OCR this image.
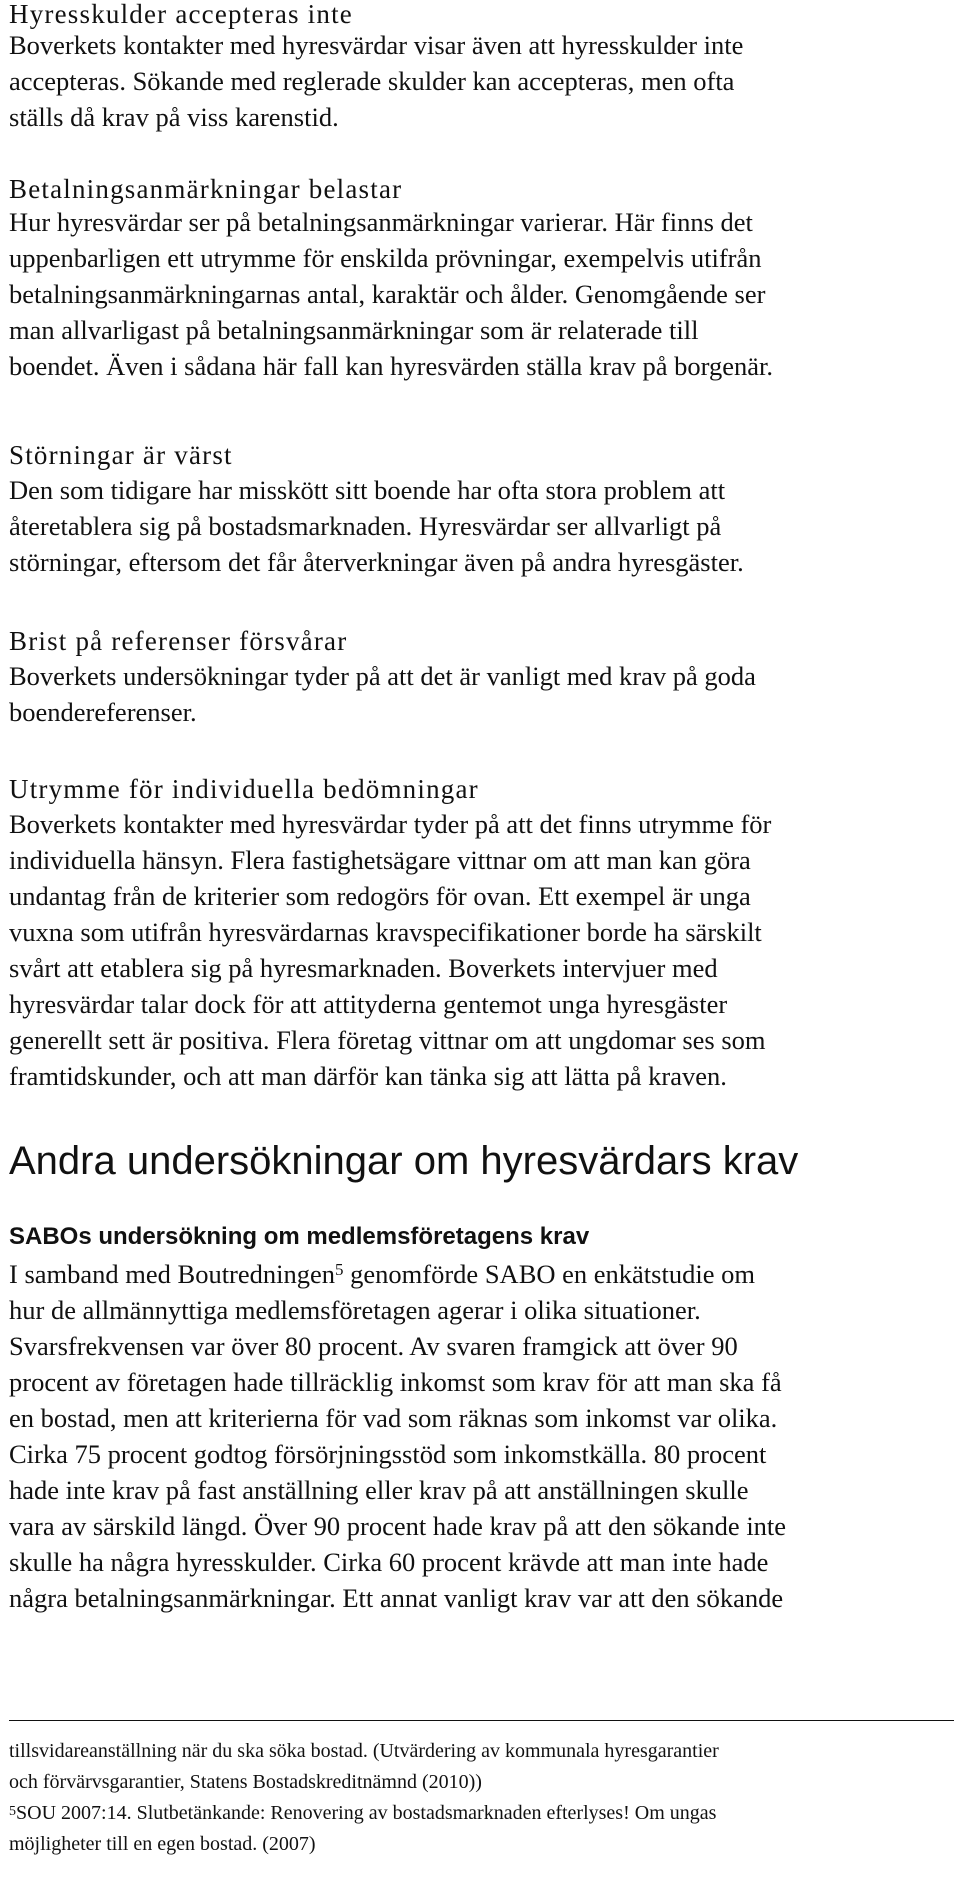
Hyresskulder accepteras inte
Boverkets kontakter med hyresvärdar visar även att hyresskulder inte
accepteras. Sökande med reglerade skulder kan accepteras, men ofta
ställs då krav på viss karenstid.
Betalningsanmärkningar belastar
Hur hyresvärdar ser på betalningsanmärkningar varierar. Här finns det
uppenbarligen ett utrymme för enskilda prövningar, exempelvis utifrån
betalningsanmärkningarnas antal, karaktär och ålder. Genomgående ser
man allvarligast på betalningsanmärkningar som är relaterade till
boendet. Även i sådana här fall kan hyresvärden ställa krav på borgenär.
Störningar är värst
Den som tidigare har misskött sitt boende har ofta stora problem att
återetablera sig på bostadsmarknaden. Hyresvärdar ser allvarligt på
störningar, eftersom det får återverkningar även på andra hyresgäster.
Brist på referenser försvårar
Boverkets undersökningar tyder på att det är vanligt med krav på goda
boendereferenser.
Utrymme för individuella bedömningar
Boverkets kontakter med hyresvärdar tyder på att det finns utrymme för
individuella hänsyn. Flera fastighetsägare vittnar om att man kan göra
undantag från de kriterier som redogörs för ovan. Ett exempel är unga
vuxna som utifrån hyresvärdarnas kravspecifikationer borde ha särskilt
svårt att etablera sig på hyresmarknaden. Boverkets intervjuer med
hyresvärdar talar dock för att attityderna gentemot unga hyresgäster
generellt sett är positiva. Flera företag vittnar om att ungdomar ses som
framtidskunder, och att man därför kan tänka sig att lätta på kraven.
Andra undersökningar om hyresvärdars krav
SABOs undersökning om medlemsföretagens krav
I samband med Boutredningen$^5$ genomförde SABO en enkätstudie om
hur de allmännyttiga medlemsföretagen agerar i olika situationer.
Svarsfrekvensen var över 80 procent. Av svaren framgick att över 90
procent av företagen hade tillräcklig inkomst som krav för att man ska få
en bostad, men att kriterierna för vad som räknas som inkomst var olika.
Cirka 75 procent godtog försörjningsstöd som inkomstkälla. 80 procent
hade inte krav på fast anställning eller krav på att anställningen skulle
vara av särskild längd. Över 90 procent hade krav på att den sökande inte
skulle ha några hyresskulder. Cirka 60 procent krävde att man inte hade
några betalningsanmärkningar. Ett annat vanligt krav var att den sökande
tillsvidareanställning när du ska söka bostad. (Utvärdering av kommunala hyresgarantier
och förvärvsgarantier, Statens Bostadskreditnämnd (2010))
$^5$SOU 2007:14. Slutbetänkande: Renovering av bostadsmarknaden efterlyses! Om ungas
möjligheter till en egen bostad. (2007)
